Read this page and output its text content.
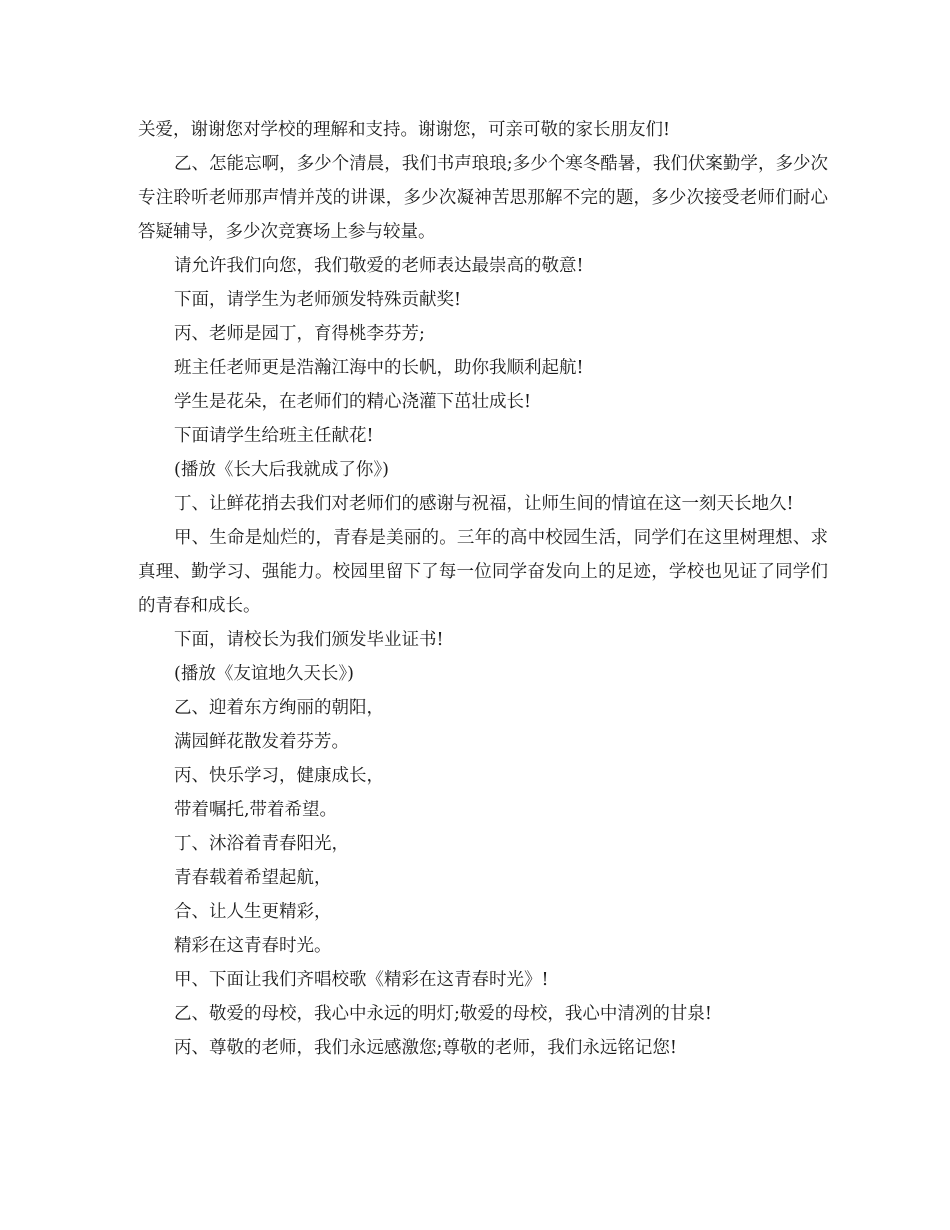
关爱，谢谢您对学校的理解和支持。谢谢您，可亲可敬的家长朋友们!

乙、怎能忘啊，多少个清晨，我们书声琅琅;多少个寒冬酷暑，我们伏案勤学，多少次专注聆听老师那声情并茂的讲课，多少次凝神苦思那解不完的题，多少次接受老师们耐心答疑辅导，多少次竞赛场上参与较量。

请允许我们向您，我们敬爱的老师表达最崇高的敬意!

下面，请学生为老师颁发特殊贡献奖!

丙、老师是园丁，育得桃李芬芳;

班主任老师更是浩瀚江海中的长帆，助你我顺利起航!

学生是花朵，在老师们的精心浇灌下茁壮成长!

下面请学生给班主任献花!

(播放《长大后我就成了你》)

丁、让鲜花捎去我们对老师们的感谢与祝福，让师生间的情谊在这一刻天长地久!

甲、生命是灿烂的，青春是美丽的。三年的高中校园生活，同学们在这里树理想、求真理、勤学习、强能力。校园里留下了每一位同学奋发向上的足迹，学校也见证了同学们的青春和成长。

下面，请校长为我们颁发毕业证书!

(播放《友谊地久天长》)

乙、迎着东方绚丽的朝阳，

满园鲜花散发着芬芳。

丙、快乐学习，健康成长，

带着嘱托,带着希望。

丁、沐浴着青春阳光，

青春载着希望起航，

合、让人生更精彩，

精彩在这青春时光。

甲、下面让我们齐唱校歌《精彩在这青春时光》!

乙、敬爱的母校，我心中永远的明灯;敬爱的母校，我心中清冽的甘泉!

丙、尊敬的老师，我们永远感激您;尊敬的老师，我们永远铭记您!
